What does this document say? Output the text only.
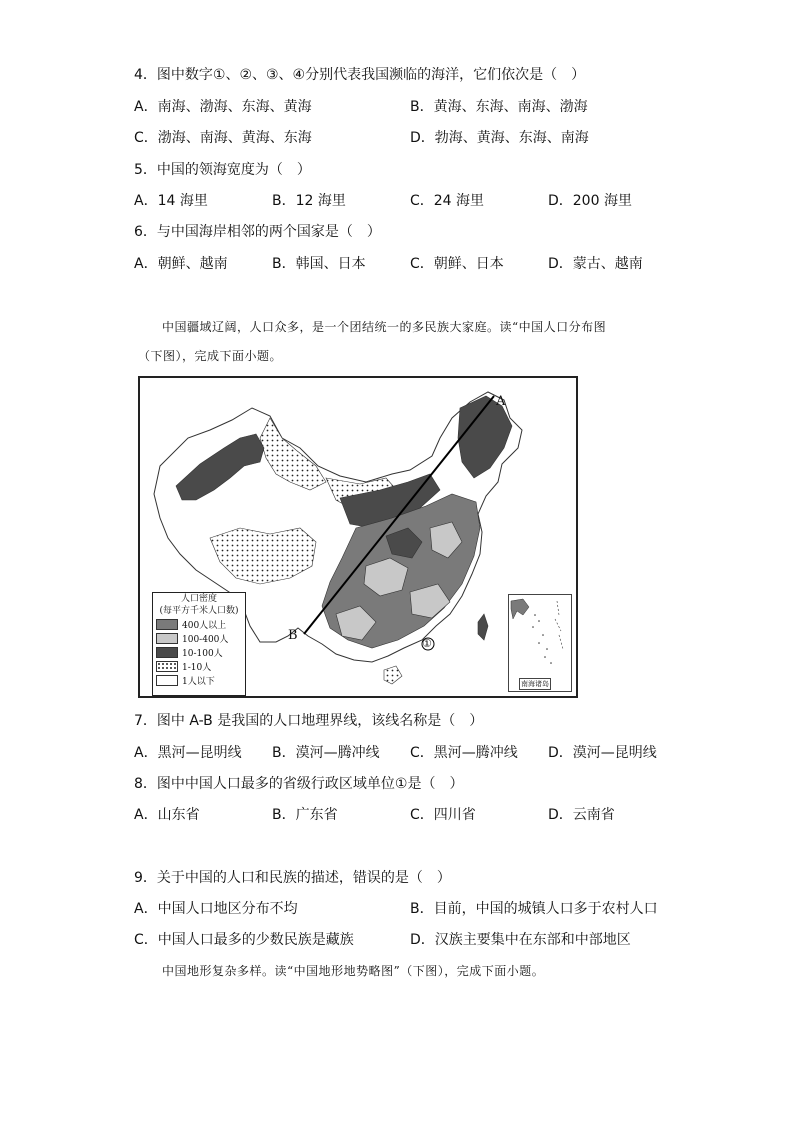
4．图中数字①、②、③、④分别代表我国濒临的海洋，它们依次是（　）
A．南海、渤海、东海、黄海	B．黄海、东海、南海、渤海
C．渤海、南海、黄海、东海	D．勃海、黄海、东海、南海
5．中国的领海宽度为（　）
A．14 海里	B．12 海里	C．24 海里	D．200 海里
6．与中国海岸相邻的两个国家是（　）
A．朝鲜、越南	B．韩国、日本	C．朝鲜、日本	D．蒙古、越南
中国疆域辽阔，人口众多，是一个团结统一的多民族大家庭。读“中国人口分布图
（下图），完成下面小题。
A
B
①
人口密度
(每平方千米人口数)
400人以上
100-400人
10-100人
1-10人
1人以下	南海诸岛
7．图中 A-B 是我国的人口地理界线，该线名称是（　）
A．黑河—昆明线 B．漠河—腾冲线 C．黑河—腾冲线 D．漠河—昆明线
8．图中中国人口最多的省级行政区域单位①是（　）
A．山东省	B．广东省	C．四川省	D．云南省
9．关于中国的人口和民族的描述，错误的是（　）
A．中国人口地区分布不均	B．目前，中国的城镇人口多于农村人口
C．中国人口最多的少数民族是藏族	D．汉族主要集中在东部和中部地区
中国地形复杂多样。读“中国地形地势略图”（下图），完成下面小题。
